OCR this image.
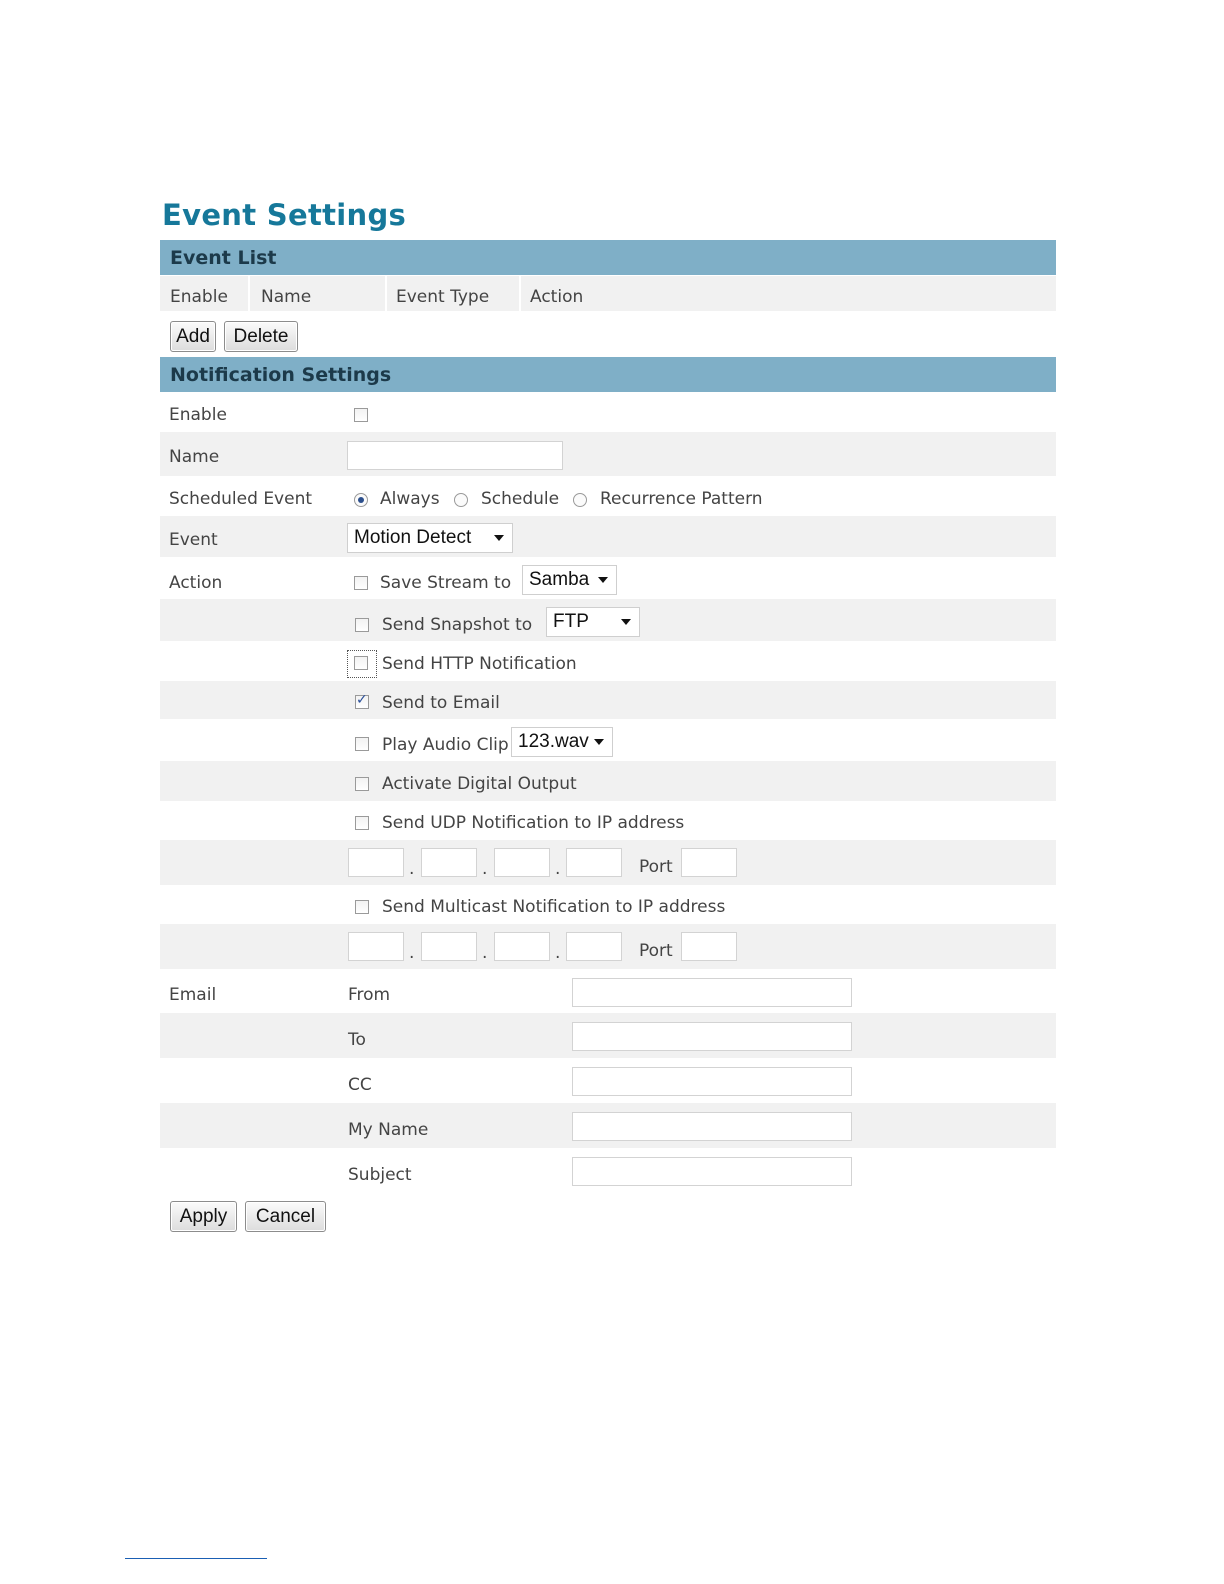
Event Settings
Event List
Enable Name	Event Type Action
Add	Delete
Notification Settings
Enable
Name
Scheduled Event	Always Schedule Recurrence Pattern
Event	Motion Detect
Action	Save Stream to Samba
Send Snapshot to	FTP
Send HTTP Notification
✓
Send to Email
Play Audio Clip 123.wav
Activate Digital Output
Send UDP Notification to IP address
.	.	.	Port
Send Multicast Notification to IP address
.	.	.	Port
Email	From
To
CC
My Name
Subject
Apply	Cancel
